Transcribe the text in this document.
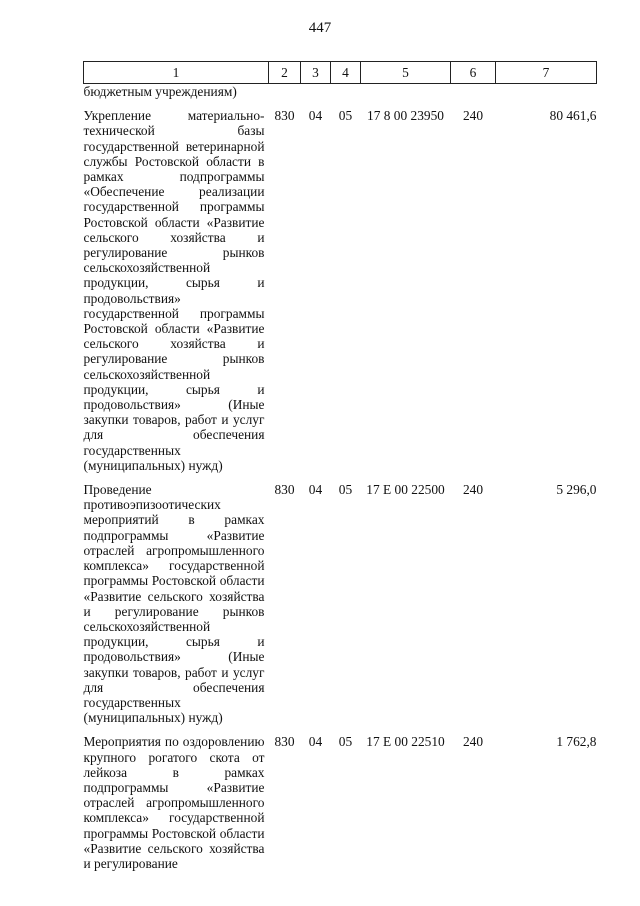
447
1	2	3	4	5	6	7
бюджетным учреждениям)						
Укрепление материально-технической базы государственной ветеринарной службы Ростовской области в рамках подпрограммы «Обеспечение реализации государственной программы Ростовской области «Развитие сельского хозяйства и регулирование рынков сельскохозяйственной продукции, сырья и продовольствия» государственной программы Ростовской области «Развитие сельского хозяйства и регулирование рынков сельскохозяйственной продукции, сырья и продовольствия» (Иные закупки товаров, работ и услуг для обеспечения государственных (муниципальных) нужд)	830	04	05	17 8 00 23950	240	80 461,6
Проведение противоэпизоотических мероприятий в рамках подпрограммы «Развитие отраслей агропромышленного комплекса» государственной программы Ростовской области «Развитие сельского хозяйства и регулирование рынков сельскохозяйственной продукции, сырья и продовольствия» (Иные закупки товаров, работ и услуг для обеспечения государственных (муниципальных) нужд)	830	04	05	17 Е 00 22500	240	5 296,0
Мероприятия по оздоровлению крупного рогатого скота от лейкоза в рамках подпрограммы «Развитие отраслей агропромышленного комплекса» государственной программы Ростовской области «Развитие сельского хозяйства и регулирование	830	04	05	17 Е 00 22510	240	1 762,8
